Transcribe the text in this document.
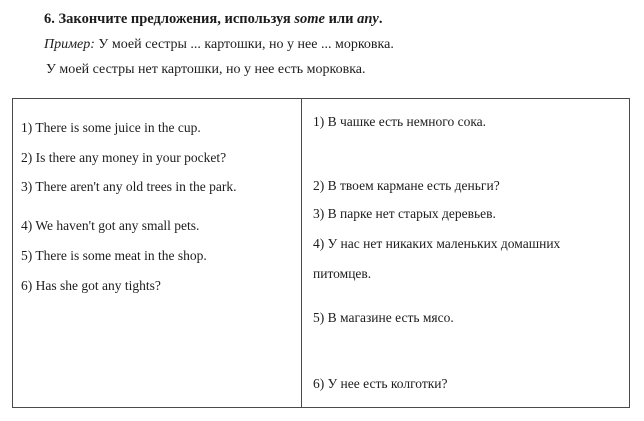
6. Закончите предложения, используя some или any.
Пример: У моей сестры ... картошки, но у нее ... морковка.
У моей сестры нет картошки, но у нее есть морковка.
1) There is some juice in the cup.
2) Is there any money in your pocket?
3) There aren't any old trees in the park.
4) We haven't got any small pets.
5) There is some meat in the shop.
6) Has she got any tights?
1) В чашке есть немного сока.
2) В твоем кармане есть деньги?
3) В парке нет старых деревьев.
4) У нас нет никаких маленьких домашних питомцев.
5) В магазине есть мясо.
6) У нее есть колготки?
